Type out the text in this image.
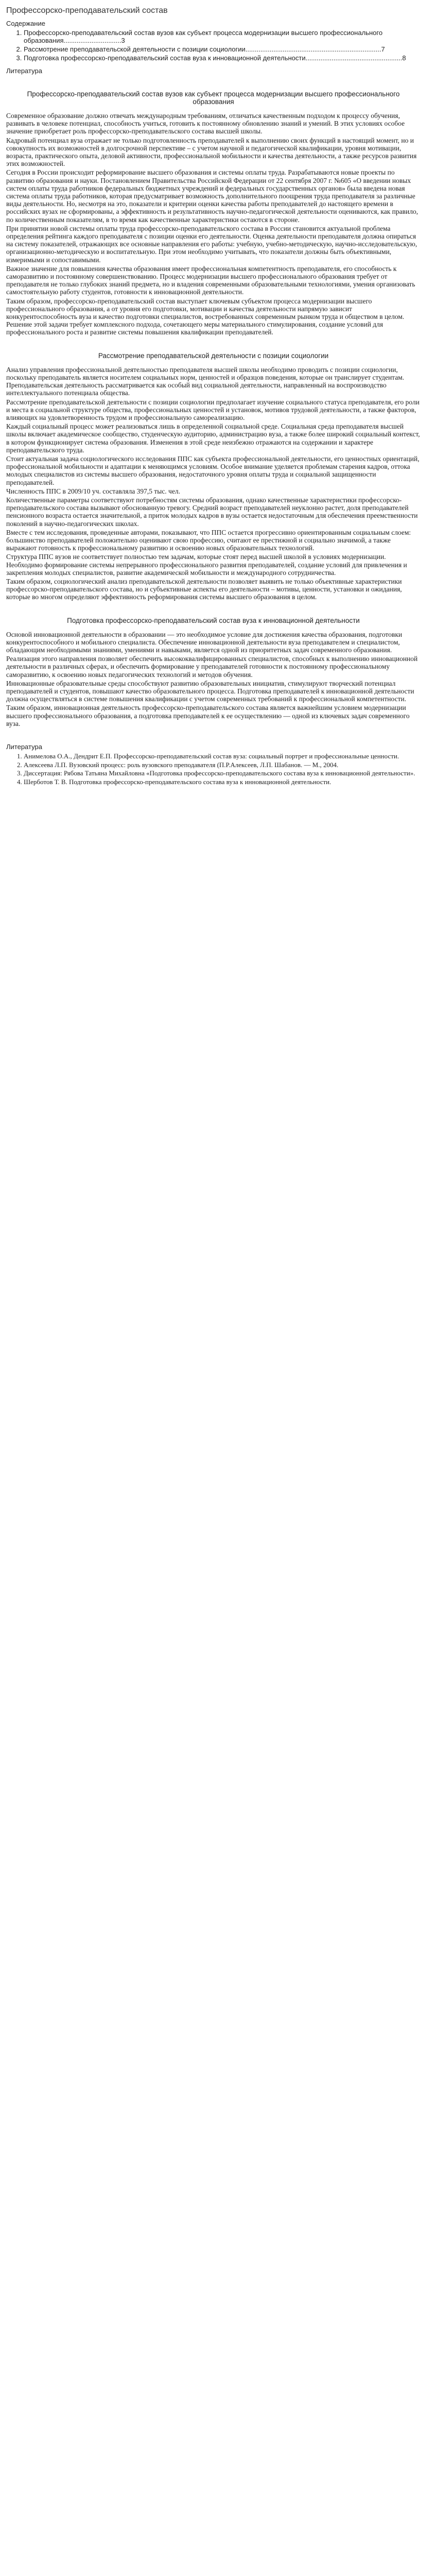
Профессорско-преподавательский состав
Содержание
1. Профессорско-преподавательский состав вузов как субъект процесса модернизации высшего профессионального образования...............................3
2. Рассмотрение преподавательской деятельности с позиции социологии.........................................................................7
3. Подготовка профессорско-преподавательский состав вуза к инновационной деятельности....................................................8
Литература
Профессорско-преподавательский состав вузов как субъект процесса модернизации высшего профессионального образования

Современное образование должно отвечать международным требованиям, отличаться качественным подходом к процессу обучения, развивать в человеке потенциал, способность учиться, готовить к постоянному обновлению знаний и умений. В этих условиях особое значение приобретает роль профессорско-преподавательского состава высшей школы.

Кадровый потенциал вуза отражает не только подготовленность преподавателей к выполнению своих функций в настоящий момент, но и совокупность их возможностей в долгосрочной перспективе – с учетом научной и педагогической квалификации, уровня мотивации, возраста, практического опыта, деловой активности, профессиональной мобильности и качества деятельности, а также ресурсов развития этих возможностей.

Сегодня в России происходит реформирование высшего образования и системы оплаты труда. Разрабатываются новые проекты по развитию образования и науки. Постановлением Правительства Российской Федерации от 22 сентября 2007 г. №605 «О введении новых систем оплаты труда работников федеральных бюджетных учреждений и федеральных государственных органов» была введена новая система оплаты труда работников, которая предусматривает возможность дополнительного поощрения труда преподавателя за различные виды деятельности. Но, несмотря на это, показатели и критерии оценки качества работы преподавателей до настоящего времени в российских вузах не сформированы, а эффективность и результативность научно-педагогической деятельности оцениваются, как правило, по количественным показателям, в то время как качественные характеристики остаются в стороне.

При принятии новой системы оплаты труда профессорско-преподавательского состава в России становится актуальной проблема определения рейтинга каждого преподавателя с позиции оценки его деятельности. Оценка деятельности преподавателя должна опираться на систему показателей, отражающих все основные направления его работы: учебную, учебно-методическую, научно-исследовательскую, организационно-методическую и воспитательную. При этом необходимо учитывать, что показатели должны быть объективными, измеримыми и сопоставимыми.

Важное значение для повышения качества образования имеет профессиональная компетентность преподавателя, его способность к саморазвитию и постоянному совершенствованию. Процесс модернизации высшего профессионального образования требует от преподавателя не только глубоких знаний предмета, но и владения современными образовательными технологиями, умения организовать самостоятельную работу студентов, готовности к инновационной деятельности.

Таким образом, профессорско-преподавательский состав выступает ключевым субъектом процесса модернизации высшего профессионального образования, а от уровня его подготовки, мотивации и качества деятельности напрямую зависит конкурентоспособность вуза и качество подготовки специалистов, востребованных современным рынком труда и обществом в целом. Решение этой задачи требует комплексного подхода, сочетающего меры материального стимулирования, создание условий для профессионального роста и развитие системы повышения квалификации преподавателей.

Рассмотрение преподавательской деятельности с позиции социологии

Анализ управления профессиональной деятельностью преподавателя высшей школы необходимо проводить с позиции социологии, поскольку преподаватель является носителем социальных норм, ценностей и образцов поведения, которые он транслирует студентам. Преподавательская деятельность рассматривается как особый вид социальной деятельности, направленный на воспроизводство интеллектуального потенциала общества.

Рассмотрение преподавательской деятельности с позиции социологии предполагает изучение социального статуса преподавателя, его роли и места в социальной структуре общества, профессиональных ценностей и установок, мотивов трудовой деятельности, а также факторов, влияющих на удовлетворенность трудом и профессиональную самореализацию.

Каждый социальный процесс может реализоваться лишь в определенной социальной среде. Социальная среда преподавателя высшей школы включает академическое сообщество, студенческую аудиторию, администрацию вуза, а также более широкий социальный контекст, в котором функционирует система образования. Изменения в этой среде неизбежно отражаются на содержании и характере преподавательского труда.

Стоит актуальная задача социологического исследования ППС как субъекта профессиональной деятельности, его ценностных ориентаций, профессиональной мобильности и адаптации к меняющимся условиям. Особое внимание уделяется проблемам старения кадров, оттока молодых специалистов из системы высшего образования, недостаточного уровня оплаты труда и социальной защищенности преподавателей.

Численность ППС в 2009/10 уч. составляла 397,5 тыс. чел.

Количественные параметры соответствуют потребностям системы образования, однако качественные характеристики профессорско-преподавательского состава вызывают обоснованную тревогу. Средний возраст преподавателей неуклонно растет, доля преподавателей пенсионного возраста остается значительной, а приток молодых кадров в вузы остается недостаточным для обеспечения преемственности поколений в научно-педагогических школах.

Вместе с тем исследования, проведенные авторами, показывают, что ППС остается прогрессивно ориентированным социальным слоем: большинство преподавателей положительно оценивают свою профессию, считают ее престижной и социально значимой, а также выражают готовность к профессиональному развитию и освоению новых образовательных технологий.

Структура ППС вузов не соответствует полностью тем задачам, которые стоят перед высшей школой в условиях модернизации. Необходимо формирование системы непрерывного профессионального развития преподавателей, создание условий для привлечения и закрепления молодых специалистов, развитие академической мобильности и международного сотрудничества.

Таким образом, социологический анализ преподавательской деятельности позволяет выявить не только объективные характеристики профессорско-преподавательского состава, но и субъективные аспекты его деятельности – мотивы, ценности, установки и ожидания, которые во многом определяют эффективность реформирования системы высшего образования в целом.

Подготовка профессорско-преподавательский состав вуза к инновационной деятельности

Основой инновационной деятельности в образовании — это необходимое условие для достижения качества образования, подготовки конкурентоспособного и мобильного специалиста. Обеспечение инновационной деятельности вуза преподавателем и специалистом, обладающим необходимыми знаниями, умениями и навыками, является одной из приоритетных задач современного образования.

Реализация этого направления позволяет обеспечить высококвалифицированных специалистов, способных к выполнению инновационной деятельности в различных сферах, и обеспечить формирование у преподавателей готовности к постоянному профессиональному саморазвитию, к освоению новых педагогических технологий и методов обучения.

Инновационные образовательные среды способствуют развитию образовательных инициатив, стимулируют творческий потенциал преподавателей и студентов, повышают качество образовательного процесса. Подготовка преподавателей к инновационной деятельности должна осуществляться в системе повышения квалификации с учетом современных требований к профессиональной компетентности.

Таким образом, инновационная деятельность профессорско-преподавательского состава является важнейшим условием модернизации высшего профессионального образования, а подготовка преподавателей к ее осуществлению — одной из ключевых задач современного вуза.

Литература
1. Анимелова О.А., Дендрит Е.П. Профессорско-преподавательский состав вуза: социальный портрет и профессиональные ценности.
2. Алексеева Л.П. Вузовский процесс: роль вузовского преподавателя (П.Р.Алексеев, Л.П. Шабанов. — М., 2004.
3. Диссертация: Рябова Татьяна Михайловна «Подготовка профессорско-преподавательского состава вуза к инновационной деятельности».
4. Шерботов Т. В. Подготовка профессорско-преподавательского состава вуза к инновационной деятельности.
